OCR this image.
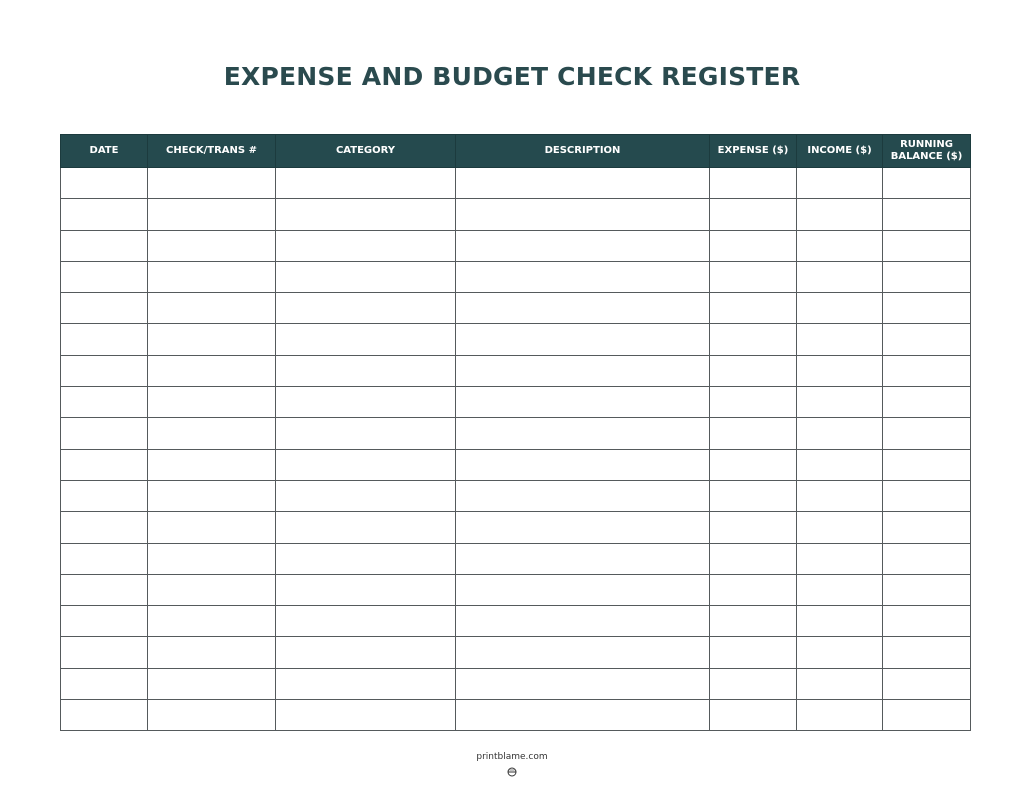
EXPENSE AND BUDGET CHECK REGISTER
DATE	CHECK/TRANS #	CATEGORY	DESCRIPTION	EXPENSE ($)	INCOME ($)	RUNNING BALANCE ($)

printblame.com
